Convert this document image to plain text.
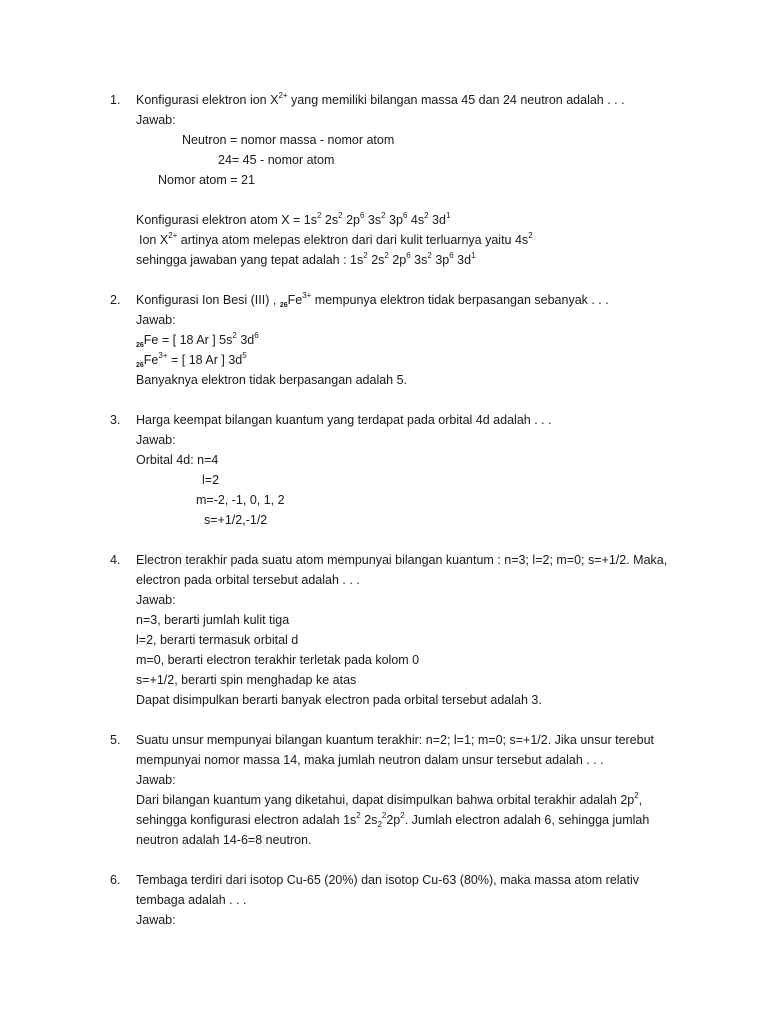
1.	Konfigurasi elektron ion $X^{2+}$ yang memiliki bilangan massa 45 dan 24 neutron adalah . . .
Jawab:
Neutron = nomor massa - nomor atom
24= 45 - nomor atom
Nomor atom = 21
Konfigurasi elektron atom $X = 1s^2$ $2s^2$ $2p^6$ $3s^2$ $3p^6$ $4s^2$ $3d^1$
Ion $X^{2+}$ artinya atom melepas elektron dari dari kulit terluarnya yaitu $4s^2$
sehingga jawaban yang tepat adalah : $1s^2$ $2s^2$ $2p^6$ $3s^2$ $3p^6$ $3d^1$
2.	Konfigurasi Ion Besi (III) , $_{26}Fe^{3+}$ mempunya elektron tidak berpasangan sebanyak . . .
Jawab:
$_{26}$Fe = [ 18 Ar ] $5s^2$ $3d^6$
$_{26}Fe^{3+}$ = [ 18 Ar ] $3d^5$
Banyaknya elektron tidak berpasangan adalah 5.
3.	Harga keempat bilangan kuantum yang terdapat pada orbital 4d adalah . . .
Jawab:
Orbital 4d: n=4
l=2
m=-2, -1, 0, 1, 2
s=+1/2,-1/2
4.	Electron terakhir pada suatu atom mempunyai bilangan kuantum : n=3; l=2; m=0; s=+1/2. Maka,
electron pada orbital tersebut adalah . . .
Jawab:
n=3, berarti jumlah kulit tiga
l=2, berarti termasuk orbital d
m=0, berarti electron terakhir terletak pada kolom 0
s=+1/2, berarti spin menghadap ke atas
Dapat disimpulkan berarti banyak electron pada orbital tersebut adalah 3.
5.	Suatu unsur mempunyai bilangan kuantum terakhir: n=2; l=1; m=0; s=+1/2. Jika unsur terebut
mempunyai nomor massa 14, maka jumlah neutron dalam unsur tersebut adalah . . .
Jawab:
Dari bilangan kuantum yang diketahui, dapat disimpulkan bahwa orbital terakhir adalah $2p^2$,
sehingga konfigurasi electron adalah $1s^2$ $2s_2^22p^2$. Jumlah electron adalah 6, sehingga jumlah
neutron adalah 14-6=8 neutron.
6.	Tembaga terdiri dari isotop Cu-65 (20%) dan isotop Cu-63 (80%), maka massa atom relativ
tembaga adalah . . .
Jawab:
